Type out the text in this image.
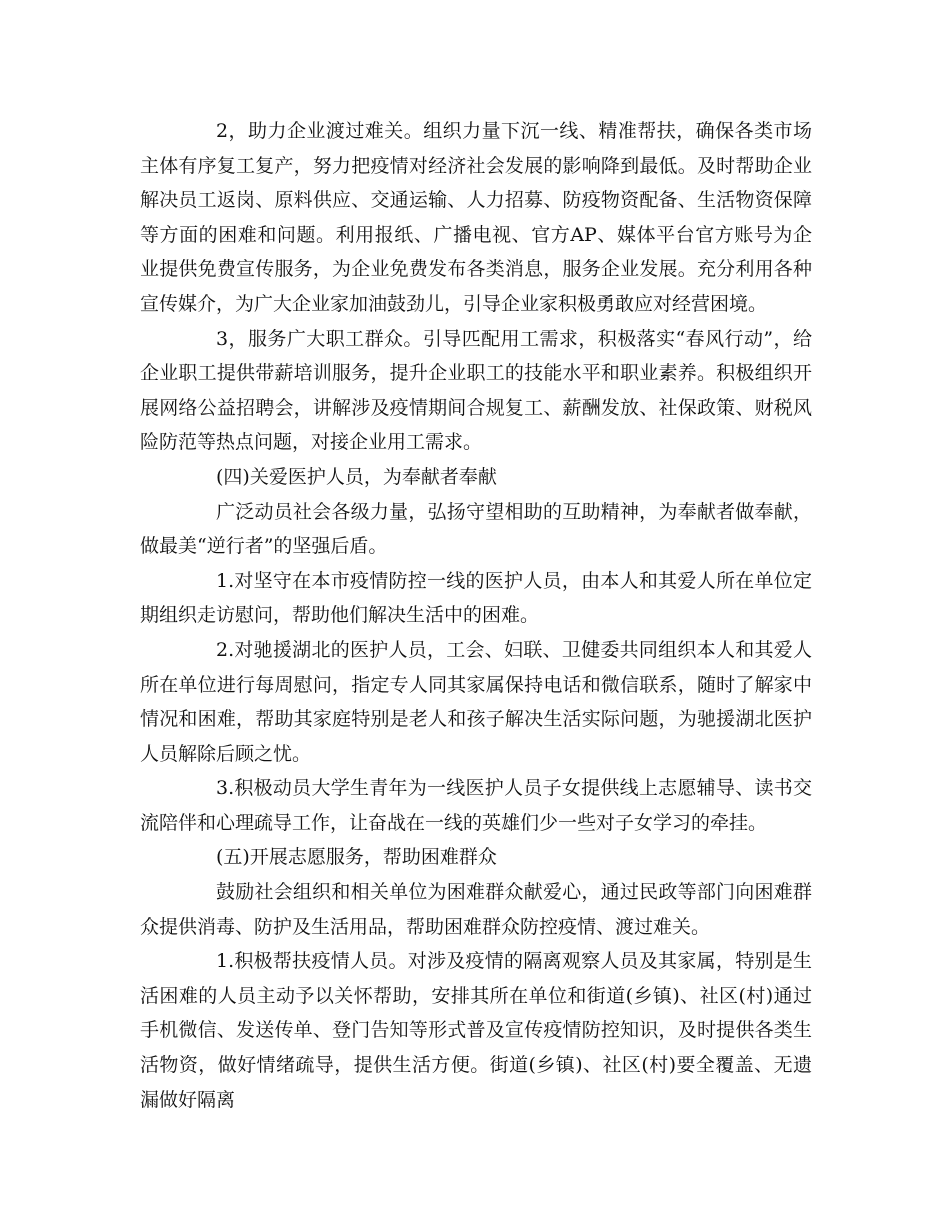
2，助力企业渡过难关。组织力量下沉一线、精准帮扶，确保各类市场主体有序复工复产，努力把疫情对经济社会发展的影响降到最低。及时帮助企业解决员工返岗、原料供应、交通运输、人力招募、防疫物资配备、生活物资保障等方面的困难和问题。利用报纸、广播电视、官方AP、媒体平台官方账号为企业提供免费宣传服务，为企业免费发布各类消息，服务企业发展。充分利用各种宣传媒介，为广大企业家加油鼓劲儿，引导企业家积极勇敢应对经营困境。

3，服务广大职工群众。引导匹配用工需求，积极落实“春风行动”，给企业职工提供带薪培训服务，提升企业职工的技能水平和职业素养。积极组织开展网络公益招聘会，讲解涉及疫情期间合规复工、薪酬发放、社保政策、财税风险防范等热点问题，对接企业用工需求。

(四)关爱医护人员，为奉献者奉献

广泛动员社会各级力量，弘扬守望相助的互助精神，为奉献者做奉献，做最美“逆行者”的坚强后盾。

1.对坚守在本市疫情防控一线的医护人员，由本人和其爱人所在单位定期组织走访慰问，帮助他们解决生活中的困难。

2.对驰援湖北的医护人员，工会、妇联、卫健委共同组织本人和其爱人所在单位进行每周慰问，指定专人同其家属保持电话和微信联系，随时了解家中情况和困难，帮助其家庭特别是老人和孩子解决生活实际问题，为驰援湖北医护人员解除后顾之忧。

3.积极动员大学生青年为一线医护人员子女提供线上志愿辅导、读书交流陪伴和心理疏导工作，让奋战在一线的英雄们少一些对子女学习的牵挂。

(五)开展志愿服务，帮助困难群众

鼓励社会组织和相关单位为困难群众献爱心，通过民政等部门向困难群众提供消毒、防护及生活用品，帮助困难群众防控疫情、渡过难关。

1.积极帮扶疫情人员。对涉及疫情的隔离观察人员及其家属，特别是生活困难的人员主动予以关怀帮助，安排其所在单位和街道(乡镇)、社区(村)通过手机微信、发送传单、登门告知等形式普及宣传疫情防控知识，及时提供各类生活物资，做好情绪疏导，提供生活方便。街道(乡镇)、社区(村)要全覆盖、无遗漏做好隔离
